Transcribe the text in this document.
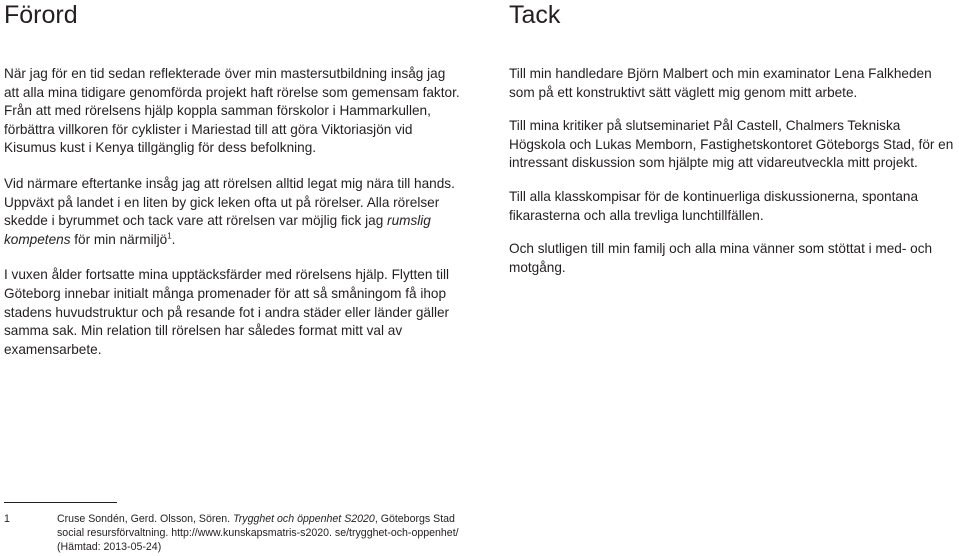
Förord

När jag för en tid sedan reflekterade över min mastersutbildning insåg jag att alla mina tidigare genomförda projekt haft rörelse som gemensam faktor. Från att med rörelsens hjälp koppla samman förskolor i Hammarkullen, förbättra villkoren för cyklister i Mariestad till att göra Viktoriasjön vid Kisumus kust i Kenya tillgänglig för dess befolkning.

Vid närmare eftertanke insåg jag att rörelsen alltid legat mig nära till hands. Uppväxt på landet i en liten by gick leken ofta ut på rörelser. Alla rörelser skedde i byrummet och tack vare att rörelsen var möjlig fick jag rumslig kompetens för min närmiljö$^1$.

I vuxen ålder fortsatte mina upptäcksfärder med rörelsens hjälp. Flytten till Göteborg innebar initialt många promenader för att så småningom få ihop stadens huvudstruktur och på resande fot i andra städer eller länder gäller samma sak. Min relation till rörelsen har således format mitt val av examensarbete.

Tack

Till min handledare Björn Malbert och min examinator Lena Falkheden som på ett konstruktivt sätt väglett mig genom mitt arbete.

Till mina kritiker på slutseminariet Pål Castell, Chalmers Tekniska Högskola och Lukas Memborn, Fastighetskontoret Göteborgs Stad, för en intressant diskussion som hjälpte mig att vidareutveckla mitt projekt.

Till alla klasskompisar för de kontinuerliga diskussionerna, spontana fikarasterna och alla trevliga lunchtillfällen.

Och slutligen till min familj och alla mina vänner som stöttat i med- och motgång.

1	Cruse Sondén, Gerd. Olsson, Sören. Trygghet och öppenhet S2020, Göteborgs Stad social resursförvaltning. http://www.kunskapsmatris-s2020. se/trygghet-och-oppenhet/ (Hämtad: 2013-05-24)
